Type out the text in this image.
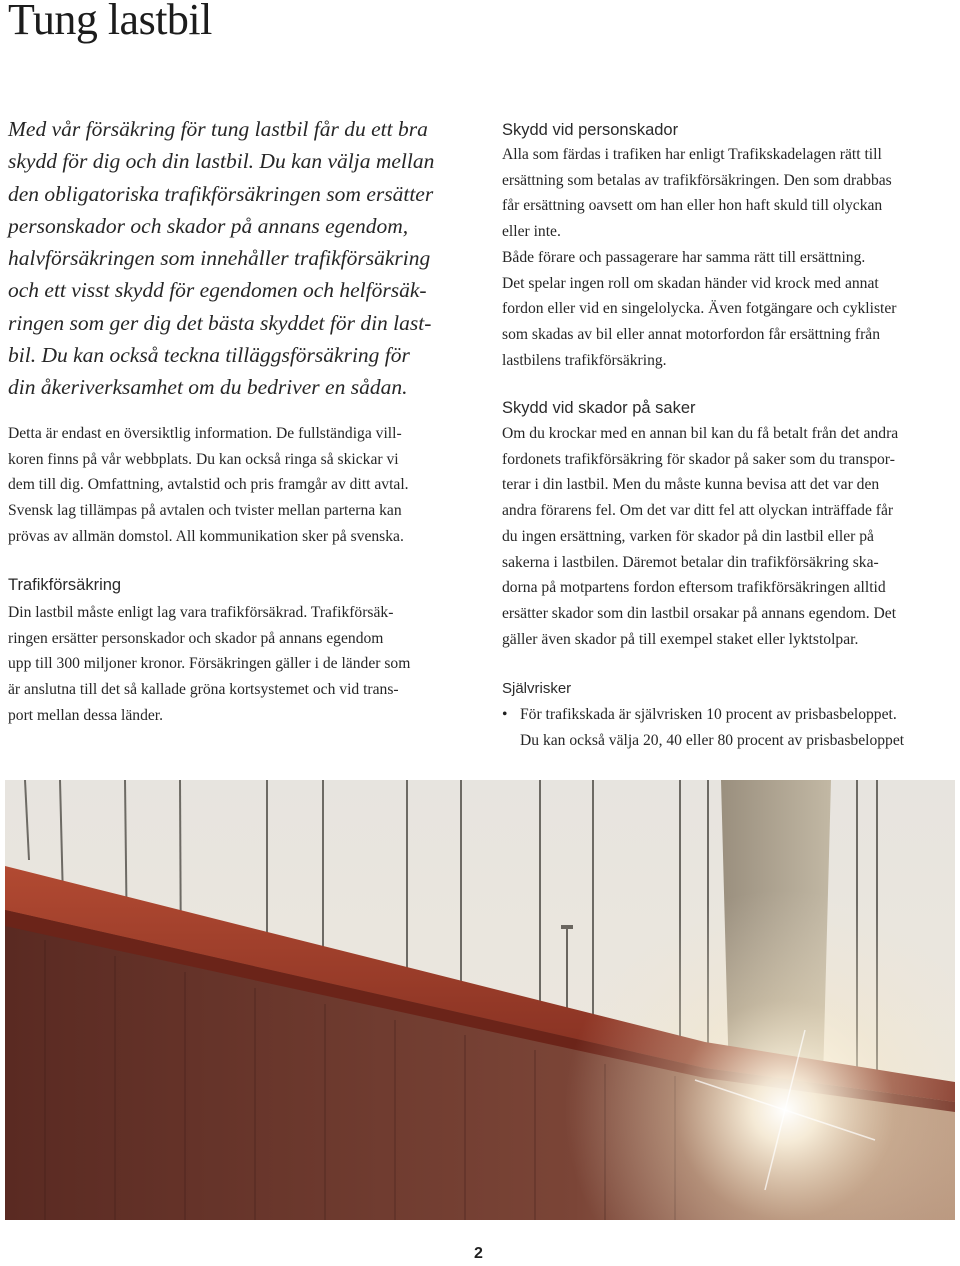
Tung lastbil

Med vår försäkring för tung lastbil får du ett bra
skydd för dig och din lastbil. Du kan välja mellan
den obligatoriska trafikförsäkringen som ersätter
personskador och skador på annans egendom,
halvförsäkringen som innehåller trafikförsäkring
och ett visst skydd för egendomen och helförsäk-
ringen som ger dig det bästa skyddet för din last-
bil. Du kan också teckna tilläggsförsäkring för
din åkeriverksamhet om du bedriver en sådan.

Detta är endast en översiktlig information. De fullständiga vill-
koren finns på vår webbplats. Du kan också ringa så skickar vi
dem till dig. Omfattning, avtalstid och pris framgår av ditt avtal.
Svensk lag tillämpas på avtalen och tvister mellan parterna kan
prövas av allmän domstol. All kommunikation sker på svenska.

Trafikförsäkring

Din lastbil måste enligt lag vara trafikförsäkrad. Trafikförsäk-
ringen ersätter personskador och skador på annans egendom
upp till 300 miljoner kronor. Försäkringen gäller i de länder som
är anslutna till det så kallade gröna kortsystemet och vid trans-
port mellan dessa länder.

Skydd vid personskador

Alla som färdas i trafiken har enligt Trafikskadelagen rätt till
ersättning som betalas av trafikförsäkringen. Den som drabbas
får ersättning oavsett om han eller hon haft skuld till olyckan
eller inte.
Både förare och passagerare har samma rätt till ersättning.
Det spelar ingen roll om skadan händer vid krock med annat
fordon eller vid en singelolycka. Även fotgängare och cyklister
som skadas av bil eller annat motorfordon får ersättning från
lastbilens trafikförsäkring.

Skydd vid skador på saker

Om du krockar med en annan bil kan du få betalt från det andra
fordonets trafikförsäkring för skador på saker som du transpor-
terar i din lastbil. Men du måste kunna bevisa att det var den
andra förarens fel. Om det var ditt fel att olyckan inträffade får
du ingen ersättning, varken för skador på din lastbil eller på
sakerna i lastbilen. Däremot betalar din trafikförsäkring ska-
dorna på motpartens fordon eftersom trafikförsäkringen alltid
ersätter skador som din lastbil orsakar på annans egendom. Det
gäller även skador på till exempel staket eller lyktstolpar.

Självrisker
• För trafikskada är självrisken 10 procent av prisbasbeloppet.
Du kan också välja 20, 40 eller 80 procent av prisbasbeloppet

2
